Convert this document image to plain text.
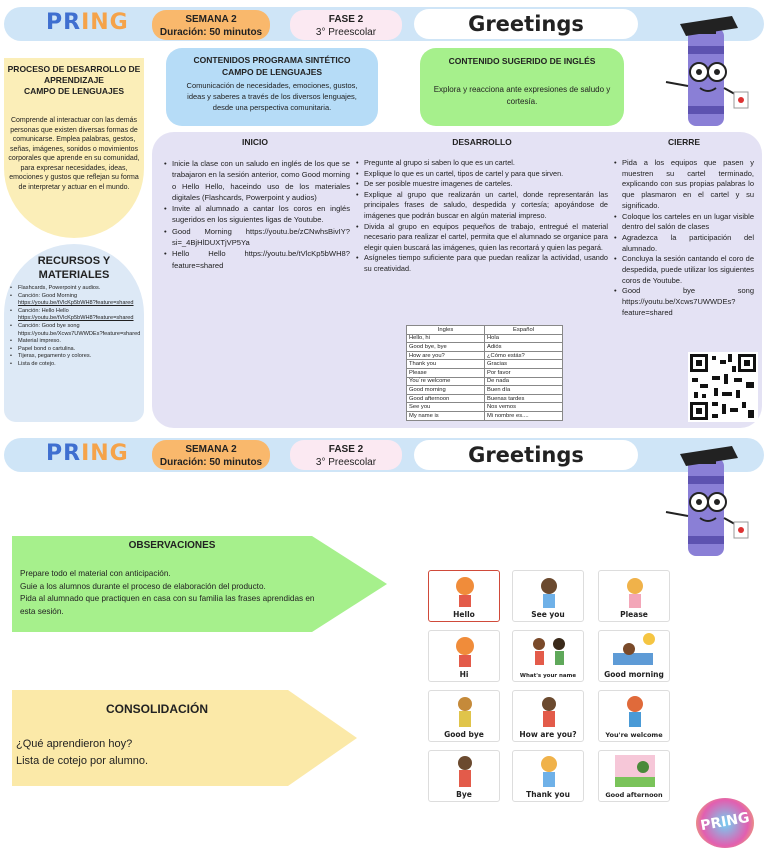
PRING	SEMANA 2
Duración: 50 minutos
FASE 2
3° Preescolar	Greetings
PROCESO DE DESARROLLO DE APRENDIZAJE
CAMPO DE LENGUAJES
Comprende al interactuar con las demás personas que existen diversas formas de comunicarse. Emplea palabras, gestos, señas, imágenes, sonidos o movimientos corporales que aprende en su comunidad, para expresar necesidades, ideas, emociones y gustos que reflejan su forma de interpretar y actuar en el mundo.
CONTENIDOS PROGRAMA SINTÉTICO
CAMPO DE LENGUAJES
Comunicación de necesidades, emociones, gustos, ideas y saberes a través de los diversos lenguajes, desde una perspectiva comunitaria.
CONTENIDO SUGERIDO DE INGLÉS
Explora y reacciona ante expresiones de saludo y cortesía.
RECURSOS Y
MATERIALES
• Flashcards, Powerpoint y audios.
• Canción: Good Morning
https://youtu.be/tVlcKp5bWH8?feature=shared
• Canción: Hello Hello
https://youtu.be/tVlcKp5bWH8?feature=shared
• Canción: Good bye song
https://youtu.be/Xcws7UWWDEs?feature=shared
• Material impreso.
• Papel bond o cartulina.
• Tijeras, pegamento y colores.
• Lista de cotejo.
INICIO
• Inicie la clase con un saludo en inglés de los que se trabajaron en la sesión anterior, como Good morning o Hello Hello, haceindo uso de los materiales digitales (Flashcards, Powerpoint y audios)
• Invite al alumnado a cantar los coros en inglés sugeridos en los siguientes ligas de Youtube.
• Good Morning https://youtu.be/zCNwhsBivIY?si=_4BjHlDUXTjVP5Ya
• Hello Hello https://youtu.be/tVlcKp5bWH8?feature=shared
DESARROLLO
• Pregunte al grupo si saben lo que es un cartel.
• Explique lo que es un cartel, tipos de cartel y para que sirven.
• De ser posible muestre imagenes de carteles.
• Explique al grupo que realizarán un cartel, donde representarán las principales frases de saludo, despedida y cortesía; apoyándose de imágenes que podrán buscar en algún material impreso.
• Divida al grupo en equipos pequeños de trabajo, entregué el material necesario para realizar el cartel, permita que el alumnado se organice para elegir quien buscará las imágenes, quien las recortará y quien las pegará.
• Asígneles tiempo suficiente para que puedan realizar la actividad, usando su creatividad.
Ingles	Español
Hello, hi	Hola
Good bye, bye	Adiós
How are you?	¿Cómo estás?
Thank you	Gracias
Please	Por favor
You´re welcome	De nada
Good morning	Buen día
Good afternoon	Buenas tardes
See you	Nos vemos
My name is	Mi nombre es....
CIERRE
• Pida a los equipos que pasen y muestren su cartel terminado, explicando con sus propias palabras lo que plasmaron en el cartel y su significado.
• Coloque los carteles en un lugar visible dentro del salón de clases
• Agradezca la participación del alumnado.
• Concluya la sesión cantando el coro de despedida, puede utilizar los siguientes coros de Youtube.
• Good bye song https://youtu.be/Xcws7UWWDEs?feature=shared
PRING	SEMANA 2
Duración: 50 minutos
FASE 2
3° Preescolar	Greetings
OBSERVACIONES
Prepare todo el material con anticipación.
Guie a los alumnos durante el proceso de elaboración del producto.
Pida al alumnado que practiquen en casa con su familia las frases aprendidas en esta sesión.
CONSOLIDACIÓN
¿Qué aprendieron hoy?
Lista de cotejo por alumno.
Hello	See you	Please
Hi	What's your name	Good morning
Good bye	How are you?	You're welcome
Bye	Thank you	Good afternoon
PRING
